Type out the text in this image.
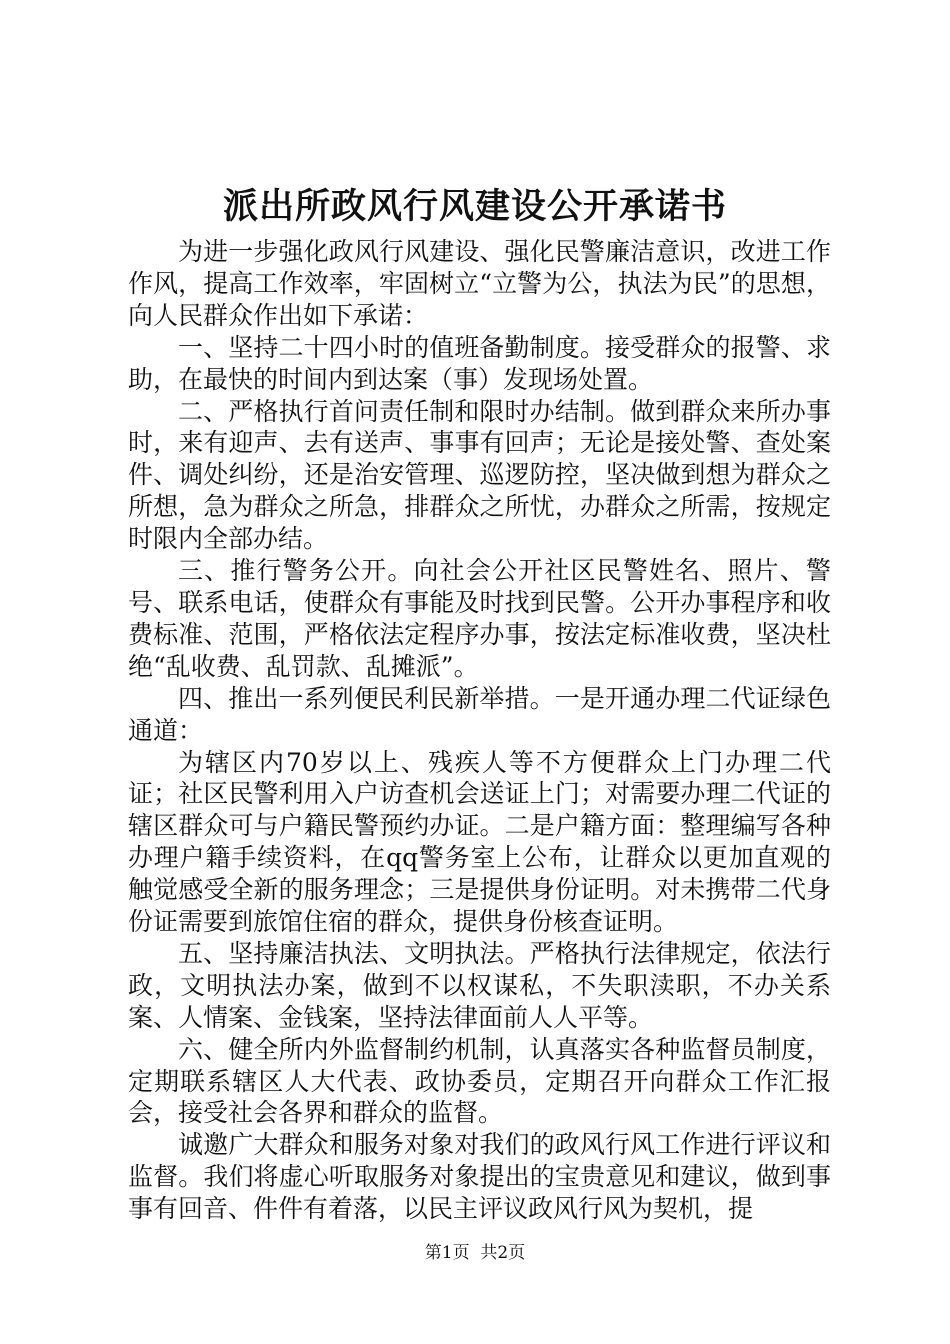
派出所政风行风建设公开承诺书

为进一步强化政风行风建设、强化民警廉洁意识，改进工作作风，提高工作效率，牢固树立“立警为公，执法为民”的思想，向人民群众作出如下承诺：

一、坚持二十四小时的值班备勤制度。接受群众的报警、求助，在最快的时间内到达案（事）发现场处置。

二、严格执行首问责任制和限时办结制。做到群众来所办事时，来有迎声、去有送声、事事有回声；无论是接处警、查处案件、调处纠纷，还是治安管理、巡逻防控，坚决做到想为群众之所想，急为群众之所急，排群众之所忧，办群众之所需，按规定时限内全部办结。

三、推行警务公开。向社会公开社区民警姓名、照片、警号、联系电话，使群众有事能及时找到民警。公开办事程序和收费标准、范围，严格依法定程序办事，按法定标准收费，坚决杜绝“乱收费、乱罚款、乱摊派”。

四、推出一系列便民利民新举措。一是开通办理二代证绿色通道：

为辖区内70岁以上、残疾人等不方便群众上门办理二代证；社区民警利用入户访查机会送证上门；对需要办理二代证的辖区群众可与户籍民警预约办证。二是户籍方面：整理编写各种办理户籍手续资料，在qq警务室上公布，让群众以更加直观的触觉感受全新的服务理念；三是提供身份证明。对未携带二代身份证需要到旅馆住宿的群众，提供身份核查证明。

五、坚持廉洁执法、文明执法。严格执行法律规定，依法行政，文明执法办案，做到不以权谋私，不失职渎职，不办关系案、人情案、金钱案，坚持法律面前人人平等。

六、健全所内外监督制约机制，认真落实各种监督员制度，定期联系辖区人大代表、政协委员，定期召开向群众工作汇报会，接受社会各界和群众的监督。

诚邀广大群众和服务对象对我们的政风行风工作进行评议和监督。我们将虚心听取服务对象提出的宝贵意见和建议，做到事事有回音、件件有着落，以民主评议政风行风为契机，提

第1页  共2页
